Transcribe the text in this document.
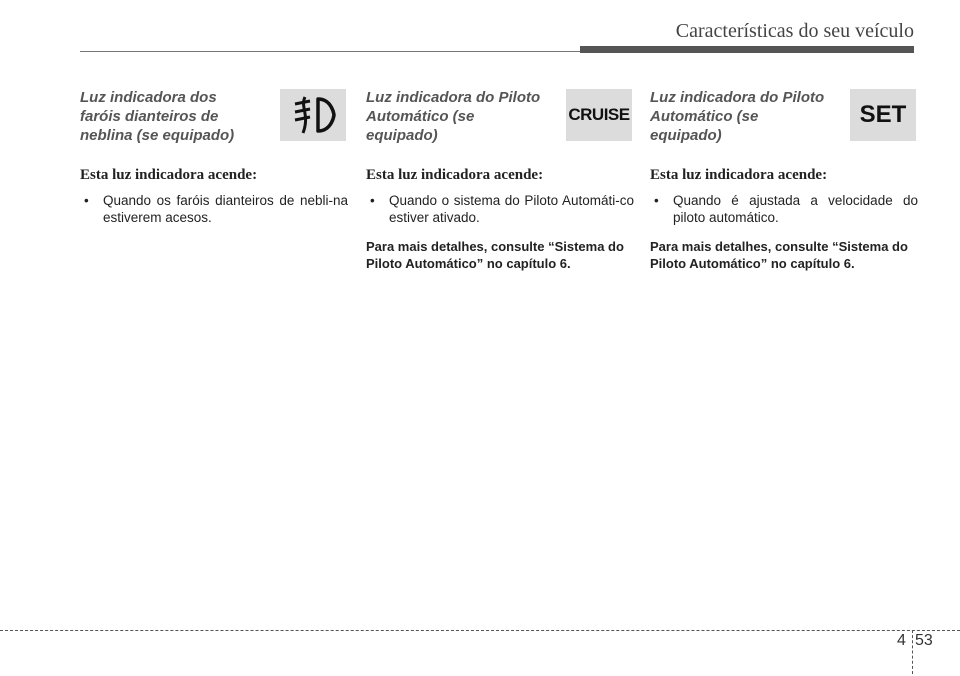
Características do seu veículo
Luz indicadora dos faróis dianteiros de neblina (se equipado)
Esta luz indicadora acende:

• Quando os faróis dianteiros de nebli-na estiverem acesos.

Luz indicadora do Piloto Automático (se equipado)
CRUISE
Esta luz indicadora acende:

• Quando o sistema do Piloto Automáti-co estiver ativado.

Para mais detalhes, consulte “Sistema do Piloto Automático” no capítulo 6.
Luz indicadora do Piloto Automático (se equipado)
SET
Esta luz indicadora acende:

• Quando é ajustada a velocidade do piloto automático.

Para mais detalhes, consulte “Sistema do Piloto Automático” no capítulo 6.
4 53
